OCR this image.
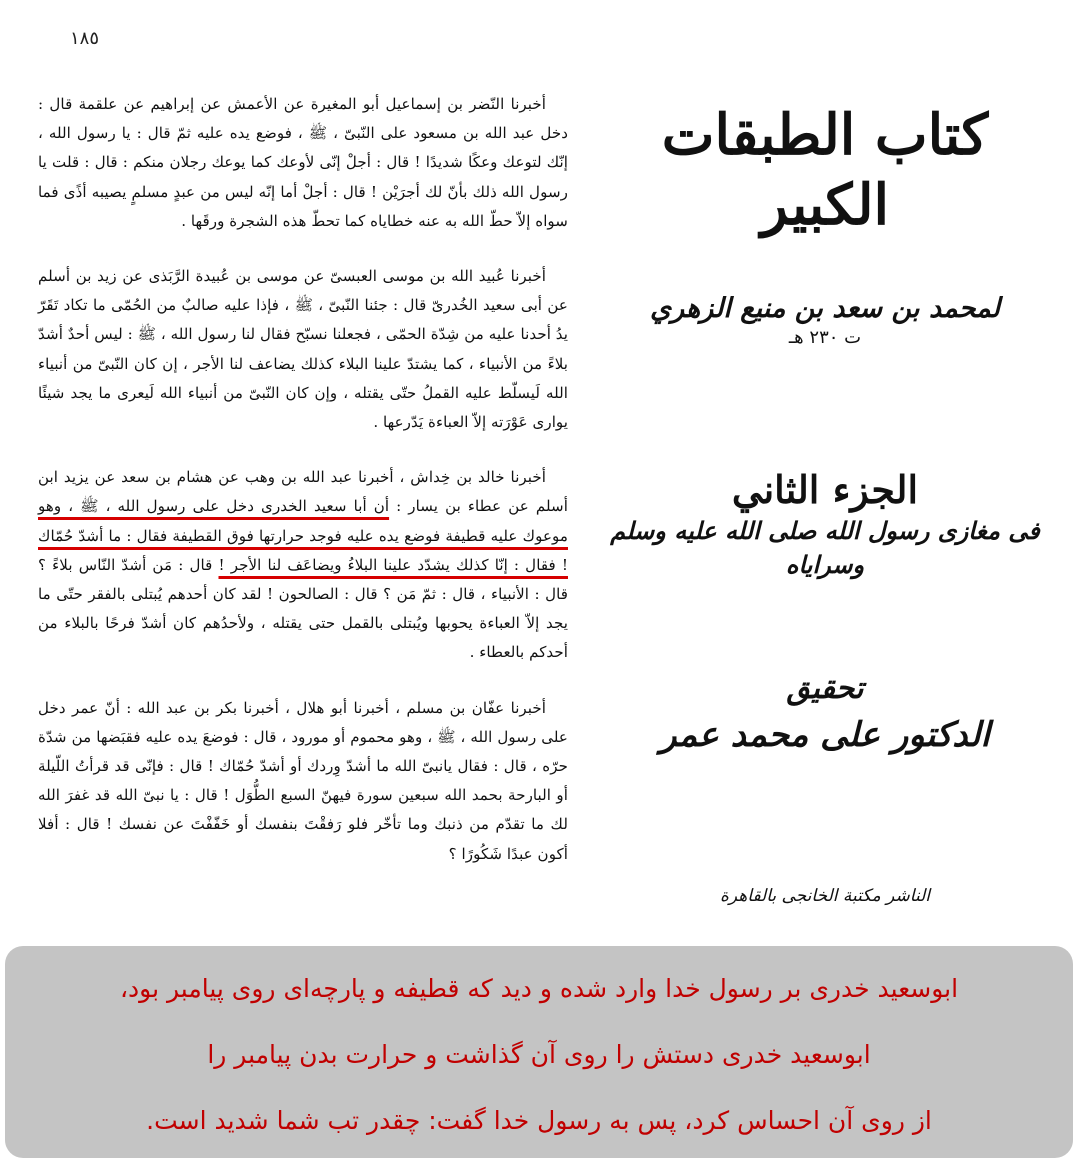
١٨٥

أخبرنا النّضر بن إسماعيل أبو المغيرة عن الأعمش عن إبراهيم عن علقمة قال : دخل عبد الله بن مسعود على النّبىّ ، ﷺ ، فوضع يده عليه ثمّ قال : يا رسول الله ، إنّك لتوعك وعكًا شديدًا ! قال : أجلْ إنّى لأوعك كما يوعك رجلان منكم : قال : قلت يا رسول الله ذلك بأنّ لك أجرَيْن ! قال : أجلْ أما إنّه ليس من عبدٍ مسلمٍ يصيبه أذًى فما سواه إلاّ حطّ الله به عنه خطاياه كما تحطّ هذه الشجرة ورقَها .

أخبرنا عُبيد الله بن موسى العبسىّ عن موسى بن عُبيدة الرَّبَذى عن زيد بن أسلم عن أبى سعيد الخُدرىّ قال : جئنا النّبىّ ، ﷺ ، فإذا عليه صالبٌ من الحُمّى ما تكاد تَقَرّ يدُ أحدنا عليه من شِدّة الحمّى ، فجعلنا نسبّح فقال لنا رسول الله ، ﷺ : ليس أحدٌ أشدّ بلاءً من الأنبياء ، كما يشتدّ علينا البلاء كذلك يضاعف لنا الأجر ، إن كان النّبىّ من أنبياء الله لَيسلّط عليه القملُ حتّى يقتله ، وإن كان النّبىّ من أنبياء الله لَيعرى ما يجد شيئًا يوارى عَوْرَته إلاّ العباءة يَدّرعها .

أخبرنا خالد بن خِداش ، أخبرنا عبد الله بن وهب عن هشام بن سعد عن يزيد ابن أسلم عن عطاء بن يسار : أن أبا سعيد الخدرى دخل على رسول الله ، ﷺ ، وهو موعوك عليه قطيفة فوضع يده عليه فوجد حرارتها فوق القطيفة فقال : ما أشدّ حُمّاك ! فقال : إنّا كذلك يشدّد علينا البلاءُ ويضاعَف لنا الأجر ! قال : مَن أشدّ النّاس بلاءً ؟ قال : الأنبياء ، قال : ثمّ مَن ؟ قال : الصالحون ! لقد كان أحدهم يُبتلى بالفقر حتّى ما يجد إلاّ العباءة يحوبها ويُبتلى بالقمل حتى يقتله ، ولأحدُهم كان أشدّ فرحًا بالبلاء من أحدكم بالعطاء .

أخبرنا عفّان بن مسلم ، أخبرنا أبو هلال ، أخبرنا بكر بن عبد الله : أنّ عمر دخل على رسول الله ، ﷺ ، وهو محموم أو مورود ، قال : فوضعَ يده عليه فقبَضها من شدّة حرّه ، قال : فقال يانبىّ الله ما أشدّ وِردك أو أشدّ حُمّاك ! قال : فإنّى قد قرأتُ اللّيلة أو البارحة بحمد الله سبعين سورة فيهنّ السبع الطُّوَل ! قال : يا نبىّ الله قد غفرَ الله لك ما تقدّم من ذنبك وما تأخّر فلو رَفقْتَ بنفسك أو خَفّفْتَ عن نفسك ! قال : أفلا أكون عبدًا شَكُورًا ؟

كتاب الطبقات الكبير
لمحمد بن سعد بن منيع الزهري
ت ٢٣٠ هـ
الجزء الثاني
فى مغازى رسول الله صلى الله عليه وسلم وسراياه
تحقيق
الدكتور على محمد عمر
الناشر مكتبة الخانجى بالقاهرة
ابوسعید خدری بر رسول خدا وارد شده و دید که قطیفه و پارچه‌ای روی پیامبر بود،
ابوسعید خدری دستش را روی آن گذاشت و حرارت بدن پیامبر را
از روی آن احساس کرد، پس به رسول خدا گفت: چقدر تب شما شدید است.
